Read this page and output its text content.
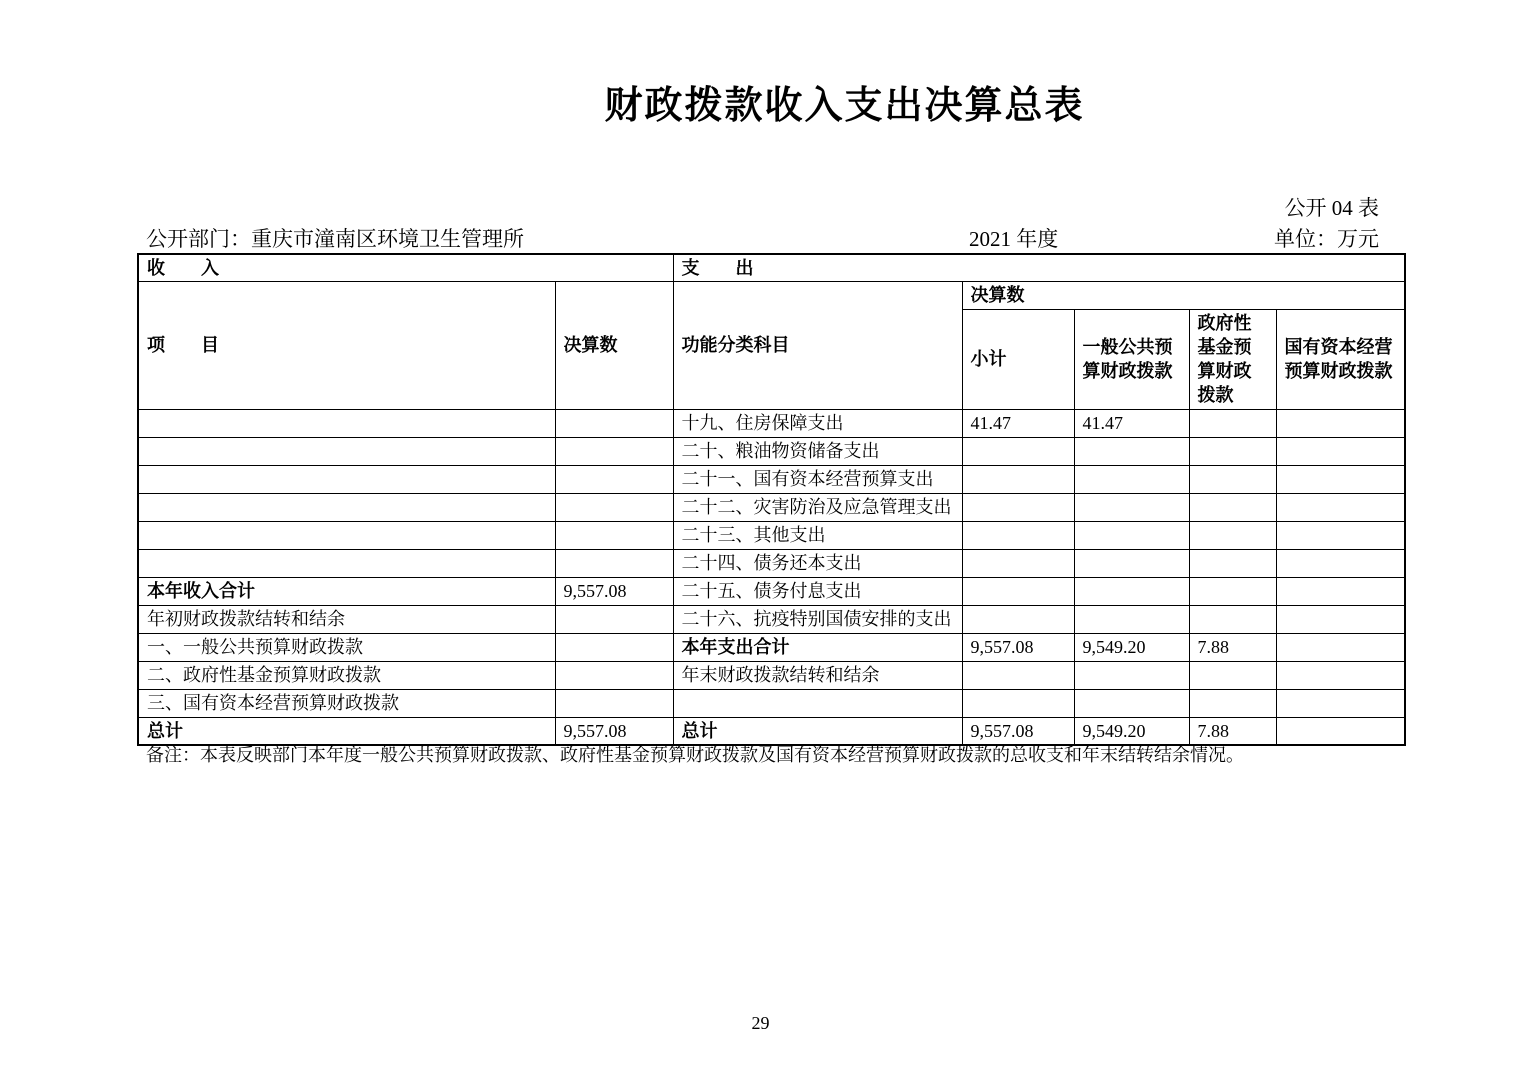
财政拨款收入支出决算总表
公开 04 表
公开部门：重庆市潼南区环境卫生管理所	2021 年度	单位：万元
收　　入		支　　出				
项　　目	决算数	功能分类科目	决算数			
			小计	一般公共预算财政拨款	政府性基金预算财政拨款	国有资本经营预算财政拨款
		十九、住房保障支出	41.47	41.47		
		二十、粮油物资储备支出				
		二十一、国有资本经营预算支出				
		二十二、灾害防治及应急管理支出				
		二十三、其他支出				
		二十四、债务还本支出				
本年收入合计	9,557.08	二十五、债务付息支出				
年初财政拨款结转和结余		二十六、抗疫特别国债安排的支出				
一、一般公共预算财政拨款		本年支出合计	9,557.08	9,549.20	7.88	
二、政府性基金预算财政拨款		年末财政拨款结转和结余				
三、国有资本经营预算财政拨款						
总计	9,557.08	总计	9,557.08	9,549.20	7.88	
备注：本表反映部门本年度一般公共预算财政拨款、政府性基金预算财政拨款及国有资本经营预算财政拨款的总收支和年末结转结余情况。
29
